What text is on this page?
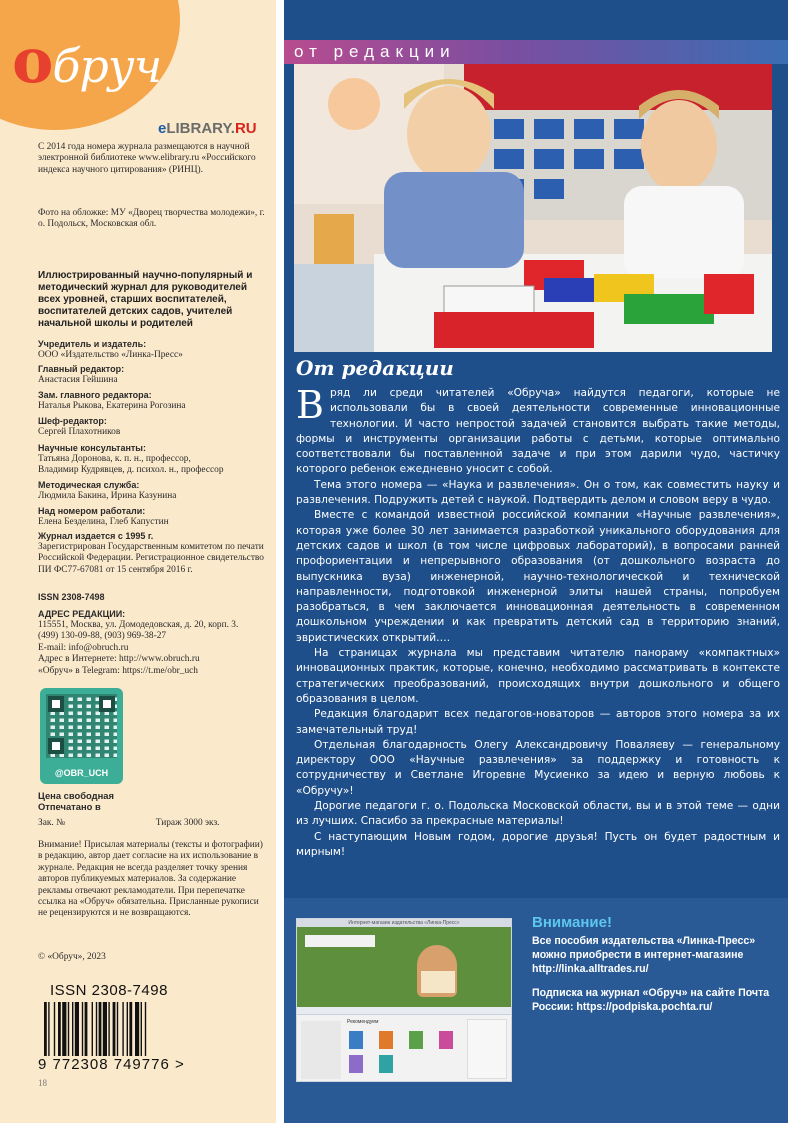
обруч
eLIBRARY.RU
С 2014 года номера журнала размещаются в научной электронной библиотеке www.elibrary.ru «Российского индекса научного цитирования» (РИНЦ).
Фото на обложке: МУ «Дворец творчества молодежи», г. о. Подольск, Московская обл.
Иллюстрированный научно-популярный и методический журнал для руководителей всех уровней, старших воспитателей, воспитателей детских садов, учителей начальной школы и родителей
Учредитель и издатель:
ООО «Издательство «Линка-Пресс»
Главный редактор:
Анастасия Гейшина
Зам. главного редактора:
Наталья Рыкова, Екатерина Рогозина
Шеф-редактор:
Сергей Плахотников
Научные консультанты:
Татьяна Доронова, к. п. н., профессор,
Владимир Кудрявцев, д. психол. н., профессор
Методическая служба:
Людмила Бакина, Ирина Казунина
Над номером работали:
Елена Безделина, Глеб Капустин
Журнал издается с 1995 г.
Зарегистрирован Государственным комитетом по печати Российской Федерации. Регистрационное свидетельство ПИ ФС77-67081 от 15 сентября 2016 г.
ISSN 2308-7498
АДРЕС РЕДАКЦИИ:
115551, Москва, ул. Домодедовская, д. 20, корп. 3.
(499) 130-09-88, (903) 969-38-27
E-mail: info@obruch.ru
Адрес в Интернете: http://www.obruch.ru
«Обруч» в Telegram: https://t.me/obr_uch
@OBR_UCH
Цена свободная
Отпечатано в
Зак. №	Тираж 3000 экз.
Внимание! Присылая материалы (тексты и фотографии) в редакцию, автор дает согласие на их использование в журнале. Редакция не всегда разделяет точку зрения авторов публикуемых материалов. За содержание рекламы отвечают рекламодатели. При перепечатке ссылка на «Обруч» обязательна. Присланные рукописи не рецензируются и не возвращаются.
© «Обруч», 2023
ISSN 2308-7498
9 772308 749776 >
18
от редакции
От редакции

Вряд ли среди читателей «Обруча» найдутся педагоги, которые не использовали бы в своей деятельности современные инновационные технологии. И часто непростой задачей становится выбрать такие методы, формы и инструменты организации работы с детьми, которые оптимально соответствовали бы поставленной задаче и при этом дарили чудо, частичку которого ребенок ежедневно уносит с собой.

Тема этого номера — «Наука и развлечения». Он о том, как совместить науку и развлечения. Подружить детей с наукой. Подтвердить делом и словом веру в чудо.

Вместе с командой известной российской компании «Научные развлечения», которая уже более 30 лет занимается разработкой уникального оборудования для детских садов и школ (в том числе цифровых лабораторий), в вопросами ранней профориентации и непрерывного образования (от дошкольного возраста до выпускника вуза) инженерной, научно-технологической и технической направленности, подготовкой инженерной элиты нашей страны, попробуем разобраться, в чем заключается инновационная деятельность в современном дошкольном учреждении и как превратить детский сад в территорию знаний, эвристических открытий….

На страницах журнала мы представим читателю панораму «компактных» инновационных практик, которые, конечно, необходимо рассматривать в контексте стратегических преобразований, происходящих внутри дошкольного и общего образования в целом.

Редакция благодарит всех педагогов-новаторов — авторов этого номера за их замечательный труд!

Отдельная благодарность Олегу Александровичу Поваляеву — генеральному директору ООО «Научные развлечения» за поддержку и готовность к сотрудничеству и Светлане Игоревне Мусиенко за идею и верную любовь к «Обручу»!

Дорогие педагоги г. о. Подольска Московской области, вы и в этой теме — одни из лучших. Спасибо за прекрасные материалы!

С наступающим Новым годом, дорогие друзья! Пусть он будет радостным и мирным!

Интернет-магазин издательства «Линка-Пресс»
Рекомендуем
Внимание!
Все пособия издательства «Линка-Пресс» можно приобрести в интернет-магазине http://linka.alltrades.ru/
Подписка на журнал «Обруч» на сайте Почта России: https://podpiska.pochta.ru/
